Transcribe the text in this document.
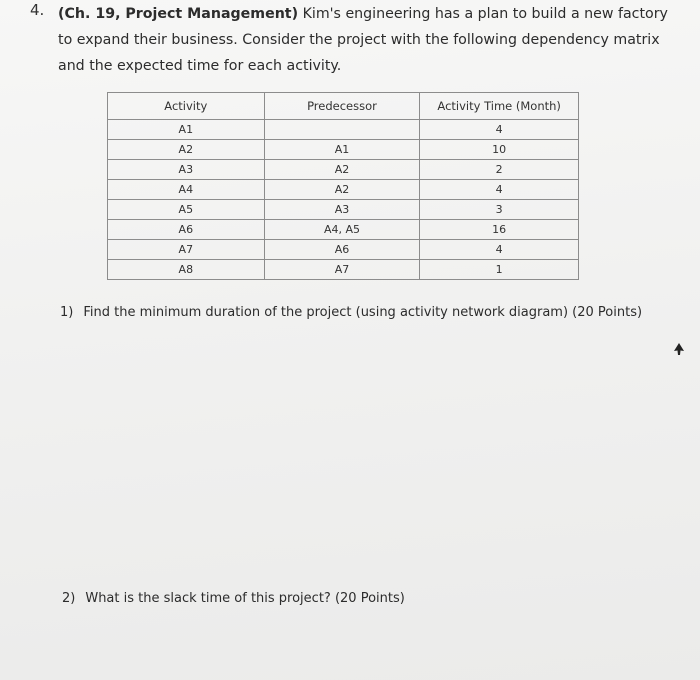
4. (Ch. 19, Project Management) Kim's engineering has a plan to build a new factory to expand their business. Consider the project with the following dependency matrix and the expected time for each activity.
Activity	Predecessor	Activity Time (Month)
A1		4
A2	A1	10
A3	A2	2
A4	A2	4
A5	A3	3
A6	A4, A5	16
A7	A6	4
A8	A7	1
1) Find the minimum duration of the project (using activity network diagram) (20 Points)
2) What is the slack time of this project? (20 Points)
